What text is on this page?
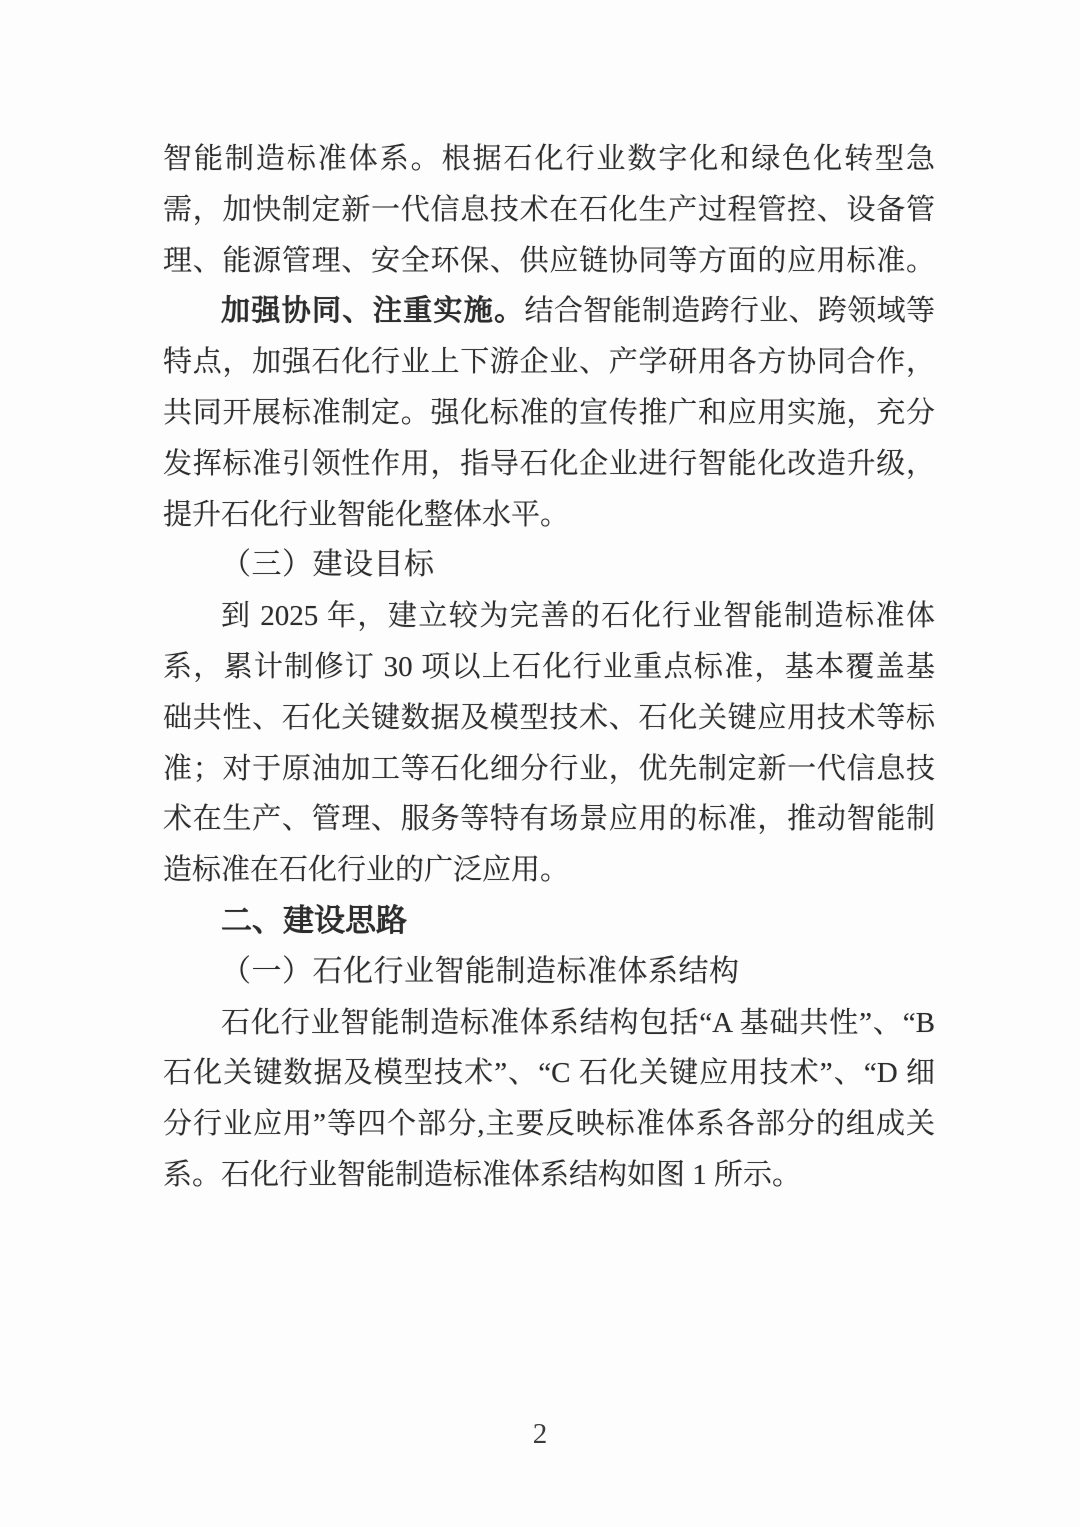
智能制造标准体系。根据石化行业数字化和绿色化转型急
需，加快制定新一代信息技术在石化生产过程管控、设备管
理、能源管理、安全环保、供应链协同等方面的应用标准。
加强协同、注重实施。结合智能制造跨行业、跨领域等
特点，加强石化行业上下游企业、产学研用各方协同合作，
共同开展标准制定。强化标准的宣传推广和应用实施，充分
发挥标准引领性作用，指导石化企业进行智能化改造升级，
提升石化行业智能化整体水平。
（三）建设目标
到 2025 年，建立较为完善的石化行业智能制造标准体
系，累计制修订 30 项以上石化行业重点标准，基本覆盖基
础共性、石化关键数据及模型技术、石化关键应用技术等标
准；对于原油加工等石化细分行业，优先制定新一代信息技
术在生产、管理、服务等特有场景应用的标准，推动智能制
造标准在石化行业的广泛应用。
二、建设思路
（一）石化行业智能制造标准体系结构
石化行业智能制造标准体系结构包括“A 基础共性”、“B
石化关键数据及模型技术”、“C 石化关键应用技术”、“D 细
分行业应用”等四个部分,主要反映标准体系各部分的组成关
系。石化行业智能制造标准体系结构如图 1 所示。
2
